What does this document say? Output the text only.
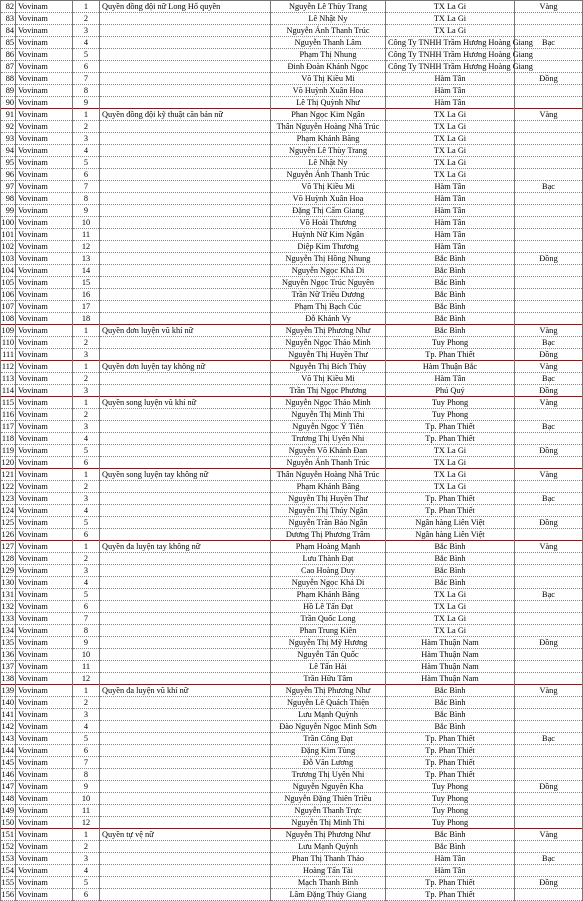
82	Vovinam	1	Quyền đồng đội nữ Long Hổ quyền	Nguyễn Lê Thùy Trang	TX La Gi	Vàng
83	Vovinam	2		Lê Nhật Ny	TX La Gi	
84	Vovinam	3		Nguyễn Ánh Thanh Trúc	TX La Gi	
85	Vovinam	4		Nguyễn Thanh Lâm	Công Ty TNHH Trầm Hương Hoàng Giang	Bạc
86	Vovinam	5		Phạm Thị Nhung	Công Ty TNHH Trầm Hương Hoàng Giang	
87	Vovinam	6		Đinh Đoàn Khánh Ngọc	Công Ty TNHH Trầm Hương Hoàng Giang	
88	Vovinam	7		Võ Thị Kiều Mi	Hàm Tân	Đồng
89	Vovinam	8		Võ Huỳnh Xuân Hoa	Hàm Tân	
90	Vovinam	9		Lê Thị Quỳnh Như	Hàm Tân	
91	Vovinam	1	Quyền đồng đội kỹ thuật căn bản nữ	Phan Ngọc Kim Ngân	TX La Gi	Vàng
92	Vovinam	2		Thân Nguyễn Hoàng Nhã Trúc	TX La Gi	
93	Vovinam	3		Phạm Khánh Băng	TX La Gi	
94	Vovinam	4		Nguyễn Lê Thùy Trang	TX La Gi	
95	Vovinam	5		Lê Nhật Ny	TX La Gi	
96	Vovinam	6		Nguyễn Ánh Thanh Trúc	TX La Gi	
97	Vovinam	7		Võ Thị Kiều Mi	Hàm Tân	Bạc
98	Vovinam	8		Võ Huỳnh Xuân Hoa	Hàm Tân	
99	Vovinam	9		Đặng Thị Cẩm Giang	Hàm Tân	
100	Vovinam	10		Võ Hoài Thương	Hàm Tân	
101	Vovinam	11		Huỳnh Nữ Kim Ngân	Hàm Tân	
102	Vovinam	12		Diệp Kim Thương	Hàm Tân	
103	Vovinam	13		Nguyễn Thị Hồng Nhung	Bắc Bình	Đồng
104	Vovinam	14		Nguyễn Ngọc Khả Di	Bắc Bình	
105	Vovinam	15		Nguyễn Ngọc Trúc Nguyên	Bắc Bình	
106	Vovinam	16		Trần Nữ Triều Dương	Bắc Bình	
107	Vovinam	17		Phạm Thị Bạch Cúc	Bắc Bình	
108	Vovinam	18		Đỗ Khánh Vy	Bắc Bình	
109	Vovinam	1	Quyền đơn luyện vũ khí nữ	Nguyễn Thị Phương Như	Bắc Bình	Vàng
110	Vovinam	2		Nguyễn Ngọc Thảo Minh	Tuy Phong	Bạc
111	Vovinam	3		Nguyễn Thị Huyền Thư	Tp. Phan Thiết	Đồng
112	Vovinam	1	Quyền đơn luyện tay không nữ	Nguyễn Thị Bích Thùy	Hàm Thuận Bắc	Vàng
113	Vovinam	2		Võ Thị Kiều Mi	Hàm Tân	Bạc
114	Vovinam	3		Trần Thị Ngọc Phương	Phú Quý	Đồng
115	Vovinam	1	Quyền song luyện vũ khí nữ	Nguyễn Ngọc Thảo Minh	Tuy Phong	Vàng
116	Vovinam	2		Nguyễn Thị Minh Thi	Tuy Phong	
117	Vovinam	3		Nguyễn Ngọc Ý Tiên	Tp. Phan Thiết	Bạc
118	Vovinam	4		Trương Thị Uyên Nhi	Tp. Phan Thiết	
119	Vovinam	5		Nguyễn Võ Khánh Đan	TX La Gi	Đồng
120	Vovinam	6		Nguyễn Ánh Thanh Trúc	TX La Gi	
121	Vovinam	1	Quyền song luyện tay không nữ	Thân Nguyễn Hoàng Nhã Trúc	TX La Gi	Vàng
122	Vovinam	2		Phạm Khánh Băng	TX La Gi	
123	Vovinam	3		Nguyễn Thị Huyền Thư	Tp. Phan Thiết	Bạc
124	Vovinam	4		Nguyễn Thị Thúy Ngân	Tp. Phan Thiết	
125	Vovinam	5		Nguyễn Trần Bảo Ngân	Ngân hàng Liên Việt	Đồng
126	Vovinam	6		Dương Thị Phương Trâm	Ngân hàng Liên Việt	
127	Vovinam	1	Quyền đa luyện tay không nữ	Phạm Hoàng Mạnh	Bắc Bình	Vàng
128	Vovinam	2		Lưu Thành Đạt	Bắc Bình	
129	Vovinam	3		Cao Hoàng Duy	Bắc Bình	
130	Vovinam	4		Nguyễn Ngọc Khả Di	Bắc Bình	
131	Vovinam	5		Phạm Khánh Băng	TX La Gi	Bạc
132	Vovinam	6		Hồ Lê Tấn Đạt	TX La Gi	
133	Vovinam	7		Trần Quốc Long	TX La Gi	
134	Vovinam	8		Phan Trung Kiên	TX La Gi	
135	Vovinam	9		Nguyễn Thị Mỹ Hương	Hàm Thuận Nam	Đồng
136	Vovinam	10		Nguyễn Tấn Quốc	Hàm Thuận Nam	
137	Vovinam	11		Lê Tấn Hải	Hàm Thuận Nam	
138	Vovinam	12		Trần Hữu Tâm	Hàm Thuận Nam	
139	Vovinam	1	Quyền đa luyện vũ khí nữ	Nguyễn Thị Phương Như	Bắc Bình	Vàng
140	Vovinam	2		Nguyễn Lê Quách Thiện	Bắc Bình	
141	Vovinam	3		Lưu Mạnh Quỳnh	Bắc Bình	
142	Vovinam	4		Đào Nguyễn Ngọc Minh Sơn	Bắc Bình	
143	Vovinam	5		Trần Công Đạt	Tp. Phan Thiết	Bạc
144	Vovinam	6		Đặng Kim Tùng	Tp. Phan Thiết	
145	Vovinam	7		Đỗ Văn Lương	Tp. Phan Thiết	
146	Vovinam	8		Trương Thị Uyên Nhi	Tp. Phan Thiết	
147	Vovinam	9		Nguyễn Nguyên Kha	Tuy Phong	Đồng
148	Vovinam	10		Nguyễn Đặng Thiên Triều	Tuy Phong	
149	Vovinam	11		Nguyễn Thanh Trực	Tuy Phong	
150	Vovinam	12		Nguyễn Thị Minh Thi	Tuy Phong	
151	Vovinam	1	Quyền tự vệ nữ	Nguyễn Thị Phương Như	Bắc Bình	Vàng
152	Vovinam	2		Lưu Mạnh Quỳnh	Bắc Bình	
153	Vovinam	3		Phan Thị Thanh Thảo	Hàm Tân	Bạc
154	Vovinam	4		Hoàng Tấn Tài	Hàm Tân	
155	Vovinam	5		Mạch Thanh Bình	Tp. Phan Thiết	Đồng
156	Vovinam	6		Lâm Đặng Thúy Giang	Tp. Phan Thiết	
